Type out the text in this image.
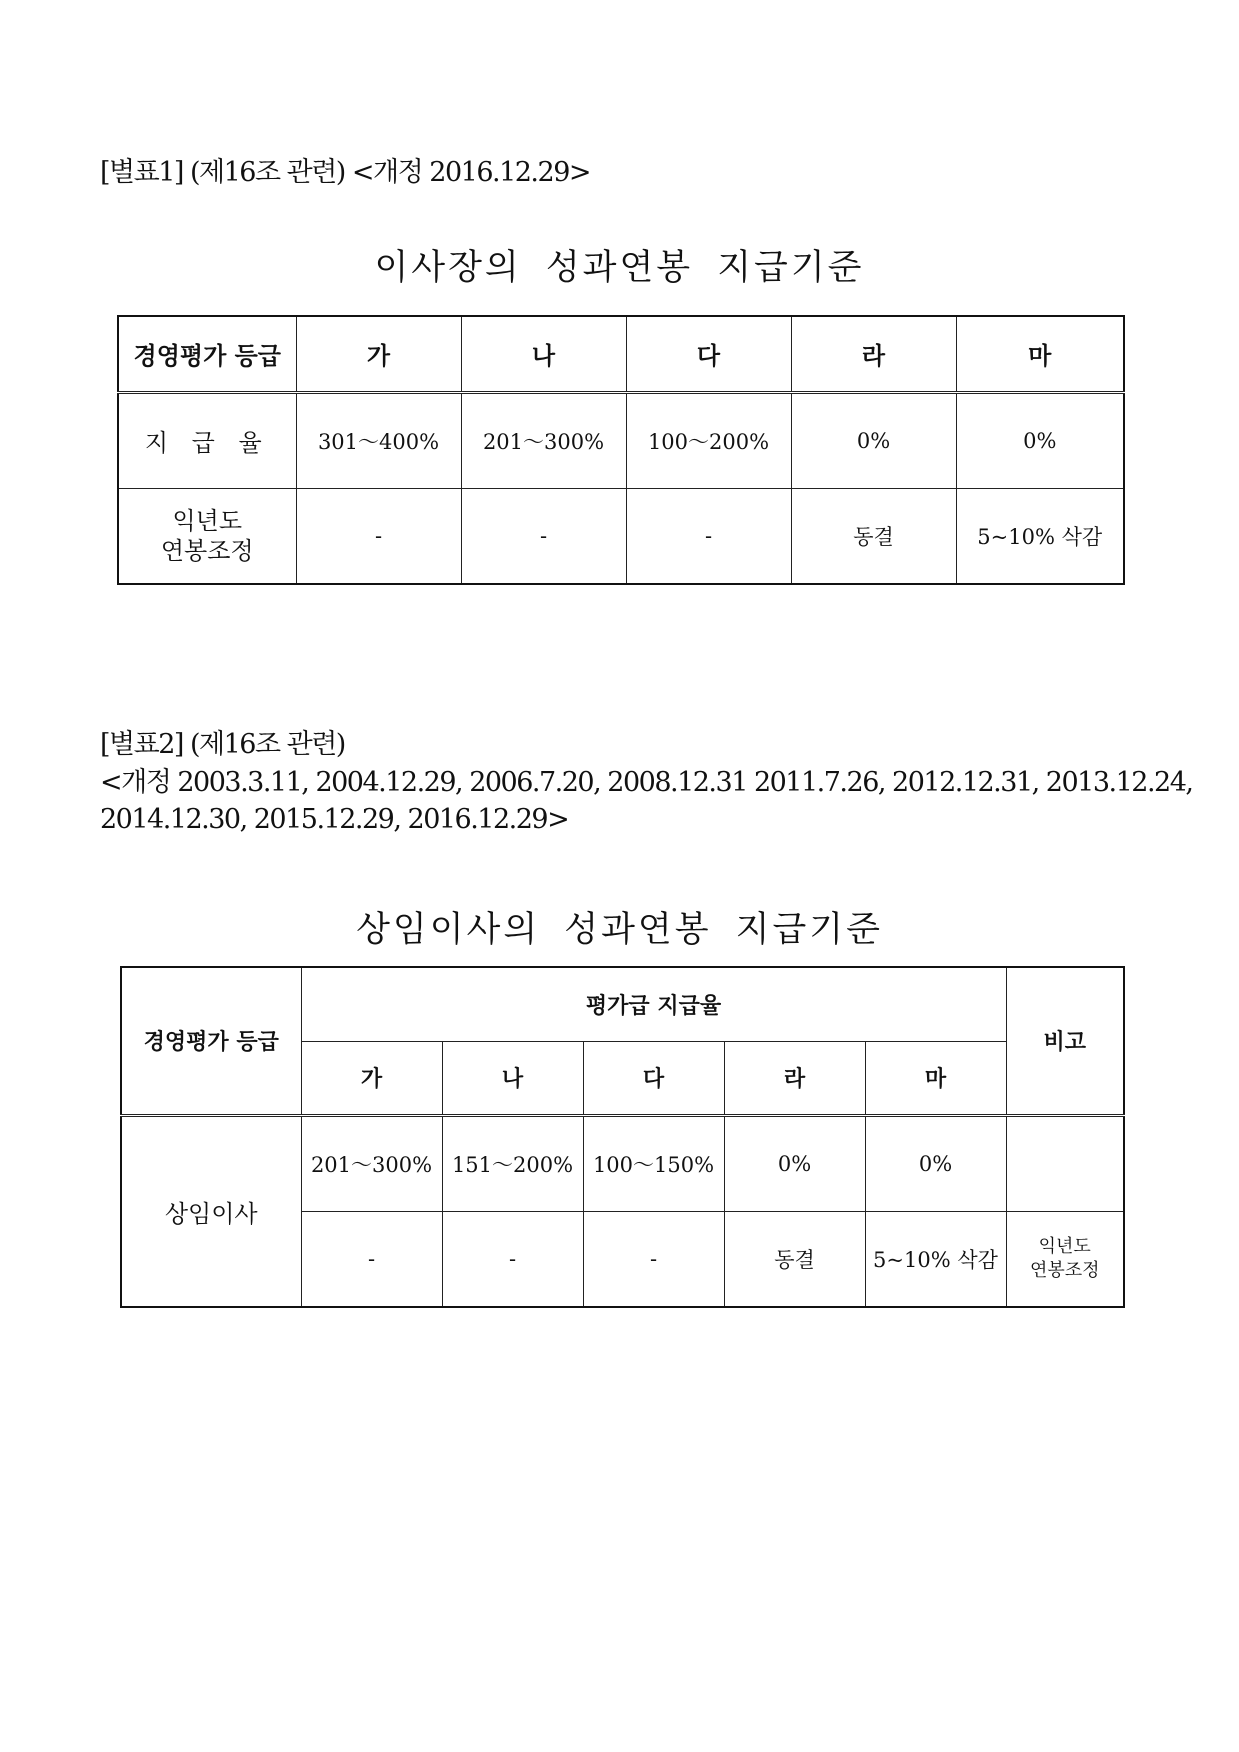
[별표1] (제16조 관련) <개정 2016.12.29>
이사장의 성과연봉 지급기준
경영평가 등급	가	나	다	라	마
지 급 율	301～400%	201～300%	100～200%	0%	0%

익년도
연봉조정	-	-	-	동결	5~10% 삭감
[별표2] (제16조 관련)
<개정 2003.3.11, 2004.12.29, 2006.7.20, 2008.12.31 2011.7.26, 2012.12.31, 2013.12.24,
2014.12.30, 2015.12.29, 2016.12.29>
상임이사의 성과연봉 지급기준
경영평가 등급	평가급 지급율					비고
	가	나	다	라	마	
상임이사	201～300%	151～200%	100～150%	0%	0%	
	-	-	-	동결	5~10% 삭감	익년도
연봉조정
